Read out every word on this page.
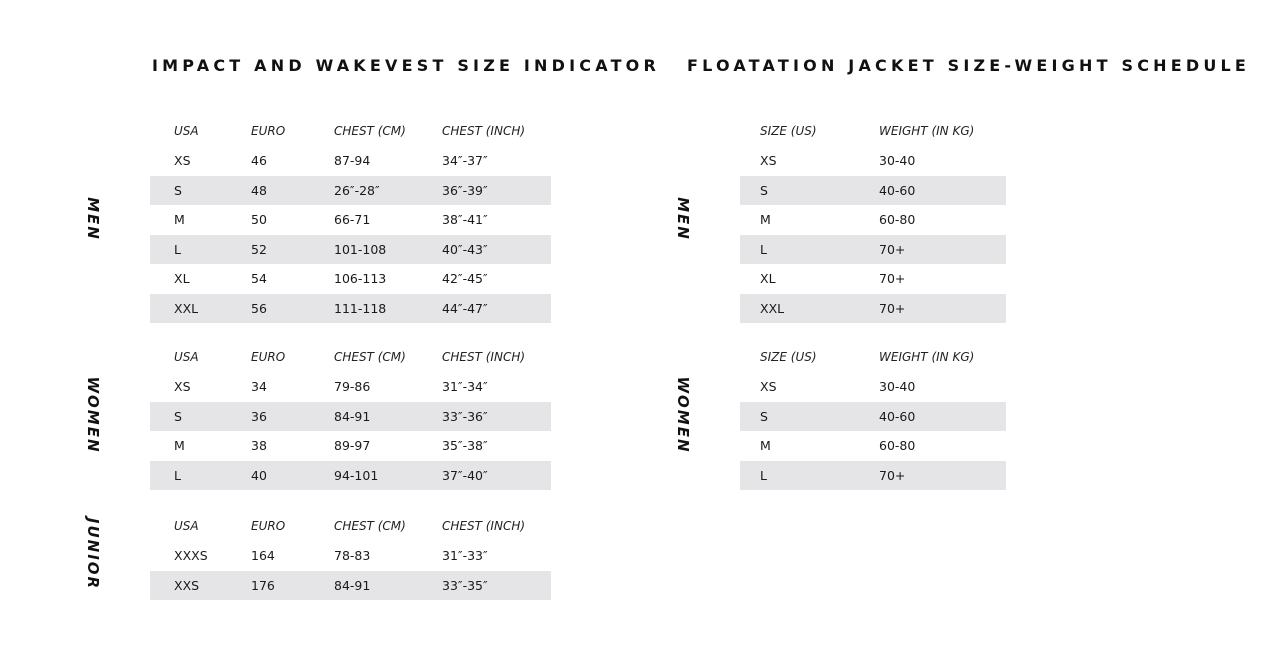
IMPACT AND WAKEVEST SIZE INDICATOR FLOATATION JACKET SIZE-WEIGHT SCHEDULE
MEN
WOMEN
JUNIOR
MEN
WOMEN
USA	EURO	CHEST (CM)	CHEST (INCH)
XS	46	87-94	34″-37″
S	48	26″-28″	36″-39″
M	50	66-71	38″-41″
L	52	101-108	40″-43″
XL	54	106-113	42″-45″
XXL	56	111-118	44″-47″
USA	EURO	CHEST (CM)	CHEST (INCH)
XS	34	79-86	31″-34″
S	36	84-91	33″-36″
M	38	89-97	35″-38″
L	40	94-101	37″-40″
USA	EURO	CHEST (CM)	CHEST (INCH)
XXXS	164	78-83	31″-33″
XXS	176	84-91	33″-35″
SIZE (US)	WEIGHT (IN KG)
XS	30-40
S	40-60
M	60-80
L	70+
XL	70+
XXL	70+
SIZE (US)	WEIGHT (IN KG)
XS	30-40
S	40-60
M	60-80
L	70+
